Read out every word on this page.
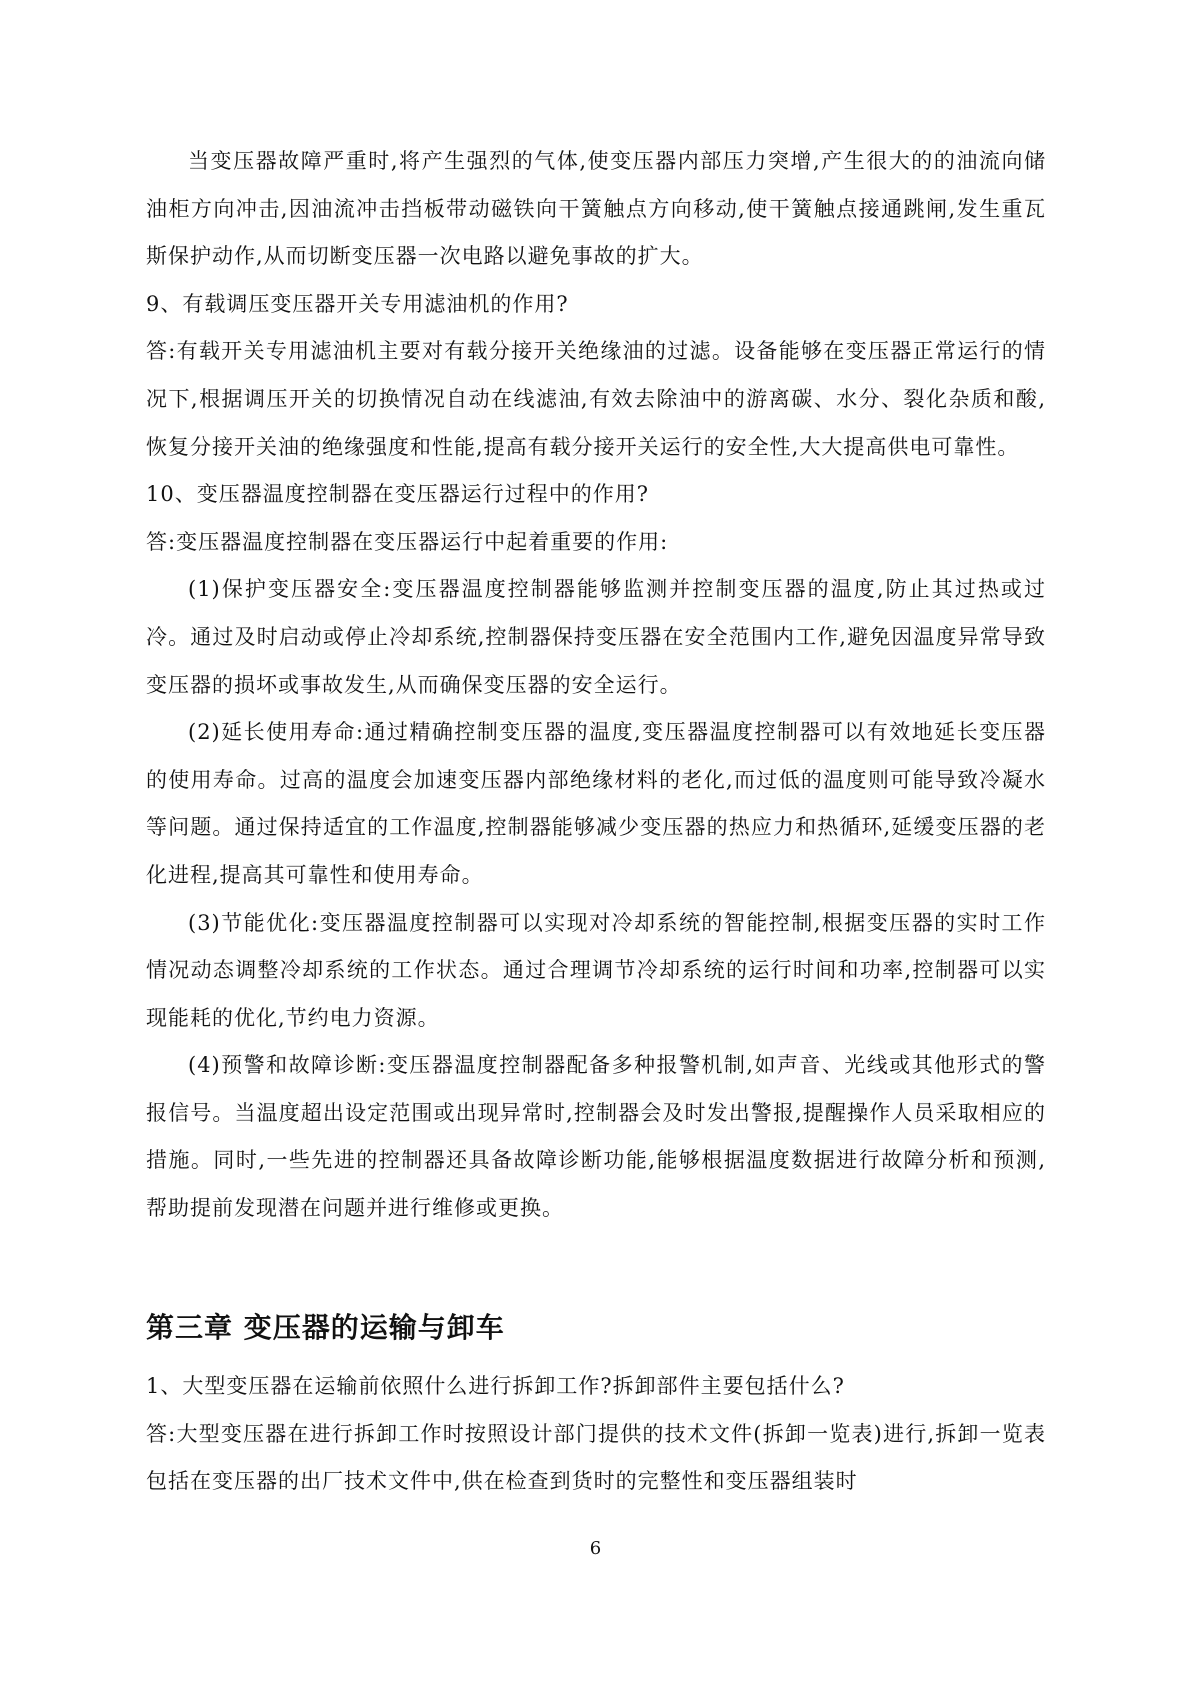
当变压器故障严重时,将产生强烈的气体,使变压器内部压力突增,产生很大的的油流向储油柜方向冲击,因油流冲击挡板带动磁铁向干簧触点方向移动,使干簧触点接通跳闸,发生重瓦斯保护动作,从而切断变压器一次电路以避免事故的扩大。

9、有载调压变压器开关专用滤油机的作用?

答:有载开关专用滤油机主要对有载分接开关绝缘油的过滤。设备能够在变压器正常运行的情况下,根据调压开关的切换情况自动在线滤油,有效去除油中的游离碳、水分、裂化杂质和酸,恢复分接开关油的绝缘强度和性能,提高有载分接开关运行的安全性,大大提高供电可靠性。

10、变压器温度控制器在变压器运行过程中的作用?

答:变压器温度控制器在变压器运行中起着重要的作用:

(1)保护变压器安全:变压器温度控制器能够监测并控制变压器的温度,防止其过热或过冷。通过及时启动或停止冷却系统,控制器保持变压器在安全范围内工作,避免因温度异常导致变压器的损坏或事故发生,从而确保变压器的安全运行。

(2)延长使用寿命:通过精确控制变压器的温度,变压器温度控制器可以有效地延长变压器的使用寿命。过高的温度会加速变压器内部绝缘材料的老化,而过低的温度则可能导致冷凝水等问题。通过保持适宜的工作温度,控制器能够减少变压器的热应力和热循环,延缓变压器的老化进程,提高其可靠性和使用寿命。

(3)节能优化:变压器温度控制器可以实现对冷却系统的智能控制,根据变压器的实时工作情况动态调整冷却系统的工作状态。通过合理调节冷却系统的运行时间和功率,控制器可以实现能耗的优化,节约电力资源。

(4)预警和故障诊断:变压器温度控制器配备多种报警机制,如声音、光线或其他形式的警报信号。当温度超出设定范围或出现异常时,控制器会及时发出警报,提醒操作人员采取相应的措施。同时,一些先进的控制器还具备故障诊断功能,能够根据温度数据进行故障分析和预测,帮助提前发现潜在问题并进行维修或更换。

第三章 变压器的运输与卸车

1、大型变压器在运输前依照什么进行拆卸工作?拆卸部件主要包括什么?

答:大型变压器在进行拆卸工作时按照设计部门提供的技术文件(拆卸一览表)进行,拆卸一览表包括在变压器的出厂技术文件中,供在检查到货时的完整性和变压器组装时

6
